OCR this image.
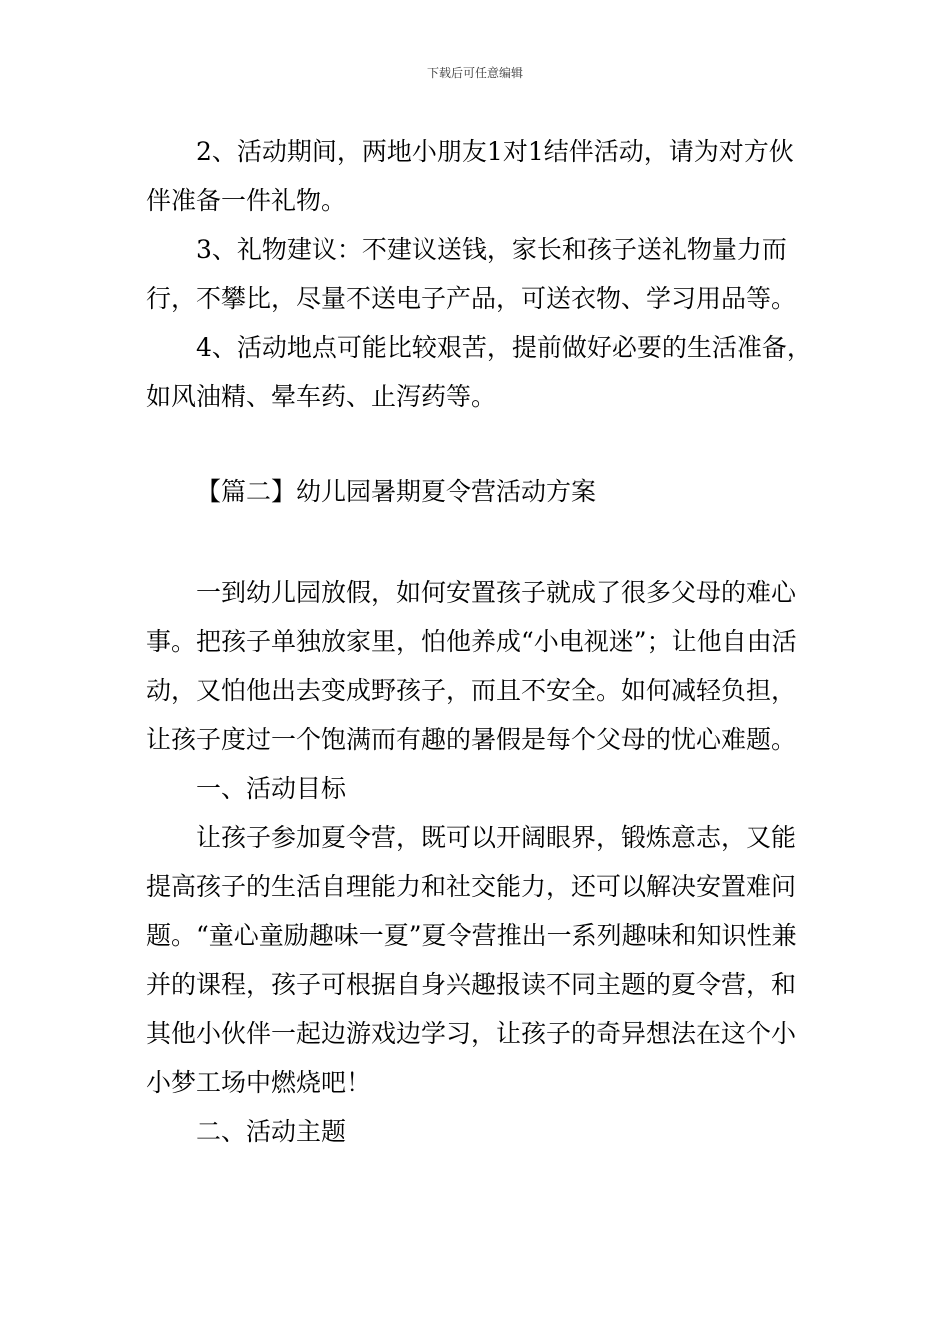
下载后可任意编辑

2、活动期间，两地小朋友1对1结伴活动，请为对方伙伴准备一件礼物。

3、礼物建议：不建议送钱，家长和孩子送礼物量力而行，不攀比，尽量不送电子产品，可送衣物、学习用品等。

4、活动地点可能比较艰苦，提前做好必要的生活准备，如风油精、晕车药、止泻药等。

【篇二】幼儿园暑期夏令营活动方案

一到幼儿园放假，如何安置孩子就成了很多父母的难心事。把孩子单独放家里，怕他养成“小电视迷”；让他自由活动，又怕他出去变成野孩子，而且不安全。如何减轻负担，让孩子度过一个饱满而有趣的暑假是每个父母的忧心难题。

一、活动目标

让孩子参加夏令营，既可以开阔眼界，锻炼意志，又能提高孩子的生活自理能力和社交能力，还可以解决安置难问题。“童心童励趣味一夏”夏令营推出一系列趣味和知识性兼并的课程，孩子可根据自身兴趣报读不同主题的夏令营，和其他小伙伴一起边游戏边学习，让孩子的奇异想法在这个小小梦工场中燃烧吧！

二、活动主题
